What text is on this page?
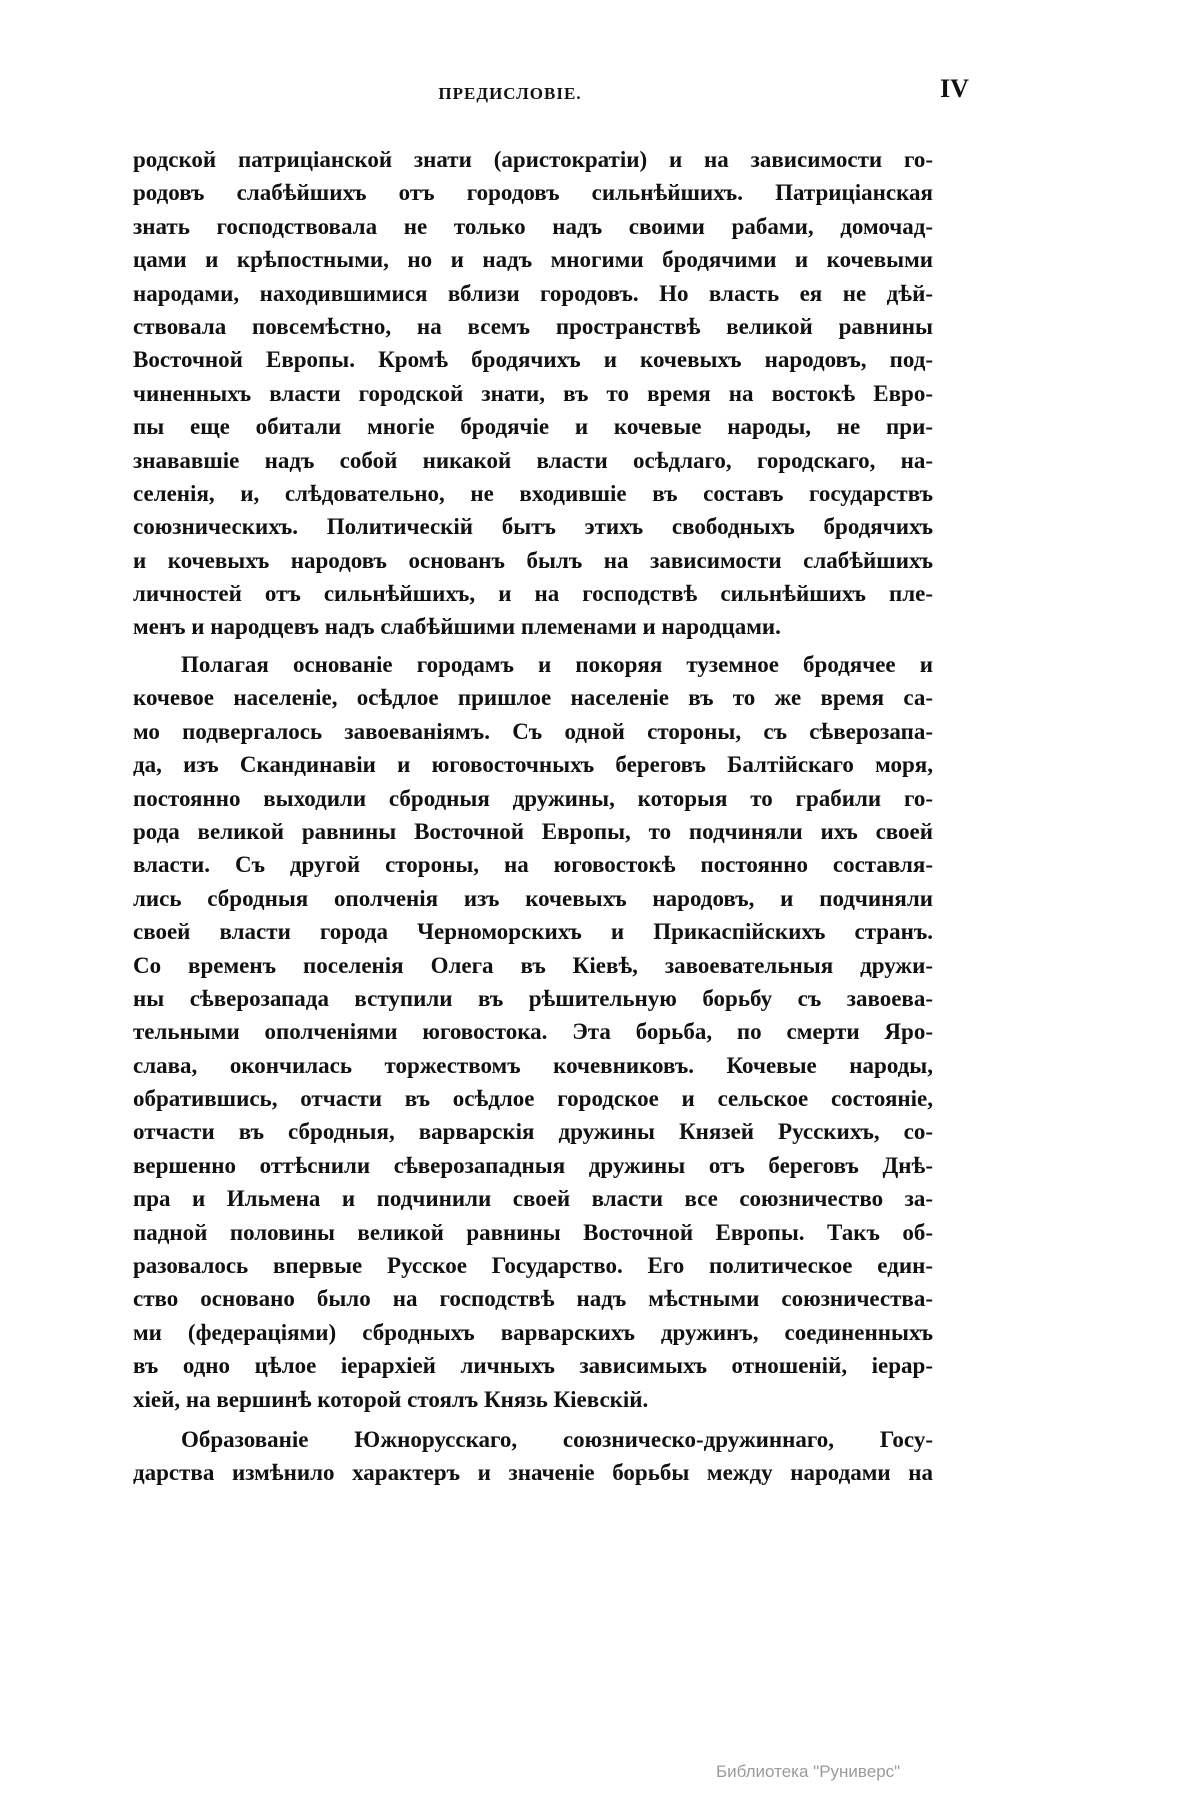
ПРЕДИСЛОВІЕ.	IV
родской патриціанской знати (аристократіи) и на зависимости го-
родовъ слабѣйшихъ отъ городовъ сильнѣйшихъ. Патриціанская
знать господствовала не только надъ своими рабами, домочад-
цами и крѣпостными, но и надъ многими бродячими и кочевыми
народами, находившимися вблизи городовъ. Но власть ея не дѣй-
ствовала повсемѣстно, на всемъ пространствѣ великой равнины
Восточной Европы. Кромѣ бродячихъ и кочевыхъ народовъ, под-
чиненныхъ власти городской знати, въ то время на востокѣ Евро-
пы еще обитали многіе бродячіе и кочевые народы, не при-
знававшіе надъ собой никакой власти осѣдлаго, городскаго, на-
селенія, и, слѣдовательно, не входившіе въ составъ государствъ
союзническихъ. Политическій бытъ этихъ свободныхъ бродячихъ
и кочевыхъ народовъ основанъ былъ на зависимости слабѣйшихъ
личностей отъ сильнѣйшихъ, и на господствѣ сильнѣйшихъ пле-
менъ и народцевъ надъ слабѣйшими племенами и народцами.
Полагая основаніе городамъ и покоряя туземное бродячее и
кочевое населеніе, осѣдлое пришлое населеніе въ то же время са-
мо подвергалось завоеваніямъ. Съ одной стороны, съ сѣверозапа-
да, изъ Скандинавіи и юговосточныхъ береговъ Балтійскаго моря,
постоянно выходили сбродныя дружины, которыя то грабили го-
рода великой равнины Восточной Европы, то подчиняли ихъ своей
власти. Съ другой стороны, на юговостокѣ постоянно составля-
лись сбродныя ополченія изъ кочевыхъ народовъ, и подчиняли
своей власти города Черноморскихъ и Прикаспійскихъ странъ.
Со временъ поселенія Олега въ Кіевѣ, завоевательныя дружи-
ны сѣверозапада вступили въ рѣшительную борьбу съ завоева-
тельными ополченіями юговостока. Эта борьба, по смерти Яро-
слава, окончилась торжествомъ кочевниковъ. Кочевые народы,
обратившись, отчасти въ осѣдлое городское и сельское состояніе,
отчасти въ сбродныя, варварскія дружины Князей Русскихъ, со-
вершенно оттѣснили сѣверозападныя дружины отъ береговъ Днѣ-
пра и Ильмена и подчинили своей власти все союзничество за-
падной половины великой равнины Восточной Европы. Такъ об-
разовалось впервые Русское Государство. Его политическое един-
ство основано было на господствѣ надъ мѣстными союзничества-
ми (федераціями) сбродныхъ варварскихъ дружинъ, соединенныхъ
въ одно цѣлое іерархіей личныхъ зависимыхъ отношеній, іерар-
хіей, на вершинѣ которой стоялъ Князь Кіевскій.
Образованіе Южнорусскаго, союзническо-дружиннаго, Госу-
дарства измѣнило характеръ и значеніе борьбы между народами на
Библиотека "Руниверс"
